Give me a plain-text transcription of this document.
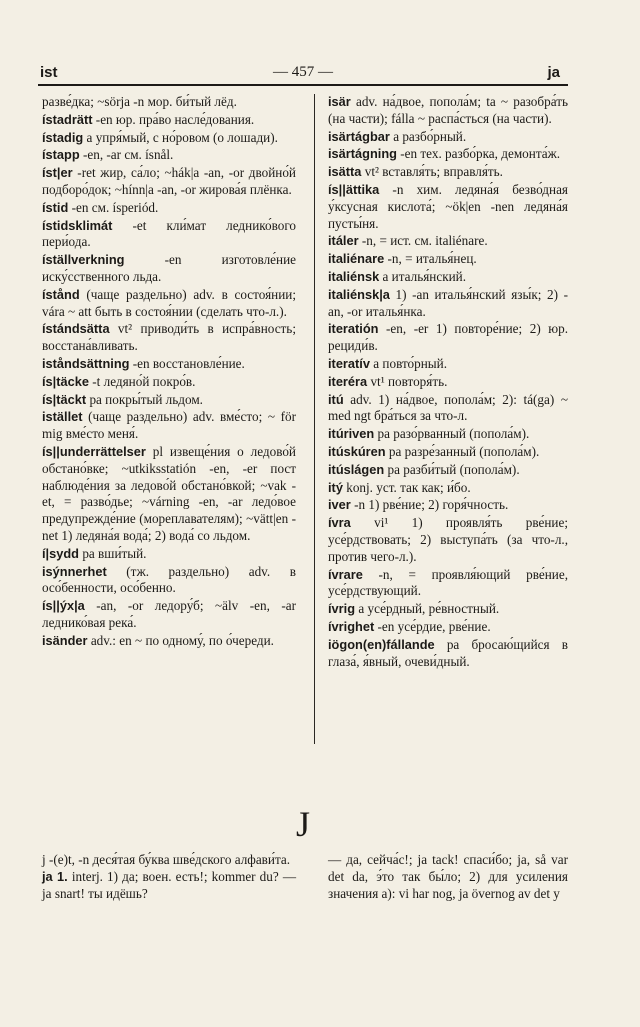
ist	— 457 —	ja
разве́дка; ~sörja -n мор. би́тый лёд.
ístadrätt -en юр. пра́во насле́дования.
ístadig a упря́мый, с но́ровом (о лошади).
ístapp -en, -ar см. ísnål.
íst|er -ret жир, са́ло; ~hák|a -an, -or двойно́й подборо́док; ~hínn|a -an, -or жирова́я плёнка.
ístid -en см. ísperiód.
ístidsklimát -et кли́мат леднико́вого пери́ода.
íställverkning -en изготовле́ние иску́сственного льда.
ístånd (чаще раздельно) adv. в состоя́нии; vára ~ att быть в состоя́нии (сделать что-л.).
ístándsätta vt² приводи́ть в испра́вность; восстана́вливать.
iståndsättning -en восстановле́ние.
ís|täcke -t ледяно́й покро́в.
ís|täckt pa покры́тый льдом.
istället (чаще раздельно) adv. вме́сто; ~ för mig вме́сто меня́.
ís||underrättelser pl извеще́ния о ледово́й обстано́вке; ~utkiksstatión -en, -er пост наблюде́ния за ледово́й обстано́вкой; ~vak -et, = разво́дье; ~várning -en, -ar ледо́вое предупрежде́ние (мореплавателям); ~vätt|en -net 1) ледяна́я вода́; 2) вода́ со льдом.
í|sydd pa вши́тый.
isýnnerhet (тж. раздельно) adv. в осо́бенности, осо́бенно.
ís||ýx|a -an, -or ледору́б; ~älv -en, -ar леднико́вая река́.
isänder adv.: en ~ по одному́, по о́череди.
isär adv. на́двое, попола́м; ta ~ разобра́ть (на части); fálla ~ распа́сться (на части).
isärtágbar a разбо́рный.
isärtágning -en тех. разбо́рка, демонта́ж.
isätta vt² вставля́ть; вправля́ть.
ís||ättika -n хим. ледяна́я безво́дная у́ксусная кислота́; ~ök|en -nen ледяна́я пусты́ня.
itáler -n, = ист. см. italiénare.
italiénare -n, = италья́нец.
italiénsk a италья́нский.
italiénsk|a 1) -an италья́нский язы́к; 2) -an, -or италья́нка.
iteratión -en, -er 1) повторе́ние; 2) юр. рециди́в.
iteratív a повто́рный.
iteréra vt¹ повторя́ть.
itú adv. 1) на́двое, попола́м; 2): tá(ga) ~ med ngt бра́ться за что-л.
itúriven pa разо́рванный (попола́м).
itúskúren pa разре́занный (попола́м).
itúslágen pa разби́тый (попола́м).
itý konj. уст. так как; и́бо.
iver -n 1) рве́ние; 2) горя́чность.
ívra vi¹ 1) проявля́ть рве́ние; усе́рдствовать; 2) выступа́ть (за что-л., против чего-л.).
ívrare -n, = проявля́ющий рве́ние, усе́рдствующий.
ívrig a усе́рдный, ре́вностный.
ívrighet -en усе́рдие, рве́ние.
iögon(en)fállande pa бросаю́щийся в глаза́, я́вный, очеви́дный.
J
j -(e)t, -n деся́тая бу́ква шве́дского алфави́та.
ja 1. interj. 1) да; воен. есть!; kommer du? — ja snart! ты идёшь?
— да, сейча́с!; ja tack! спаси́бо; ja, så var det da, э́то так бы́ло; 2) для усиления значения a): vi har nog, ja övernog av det у
